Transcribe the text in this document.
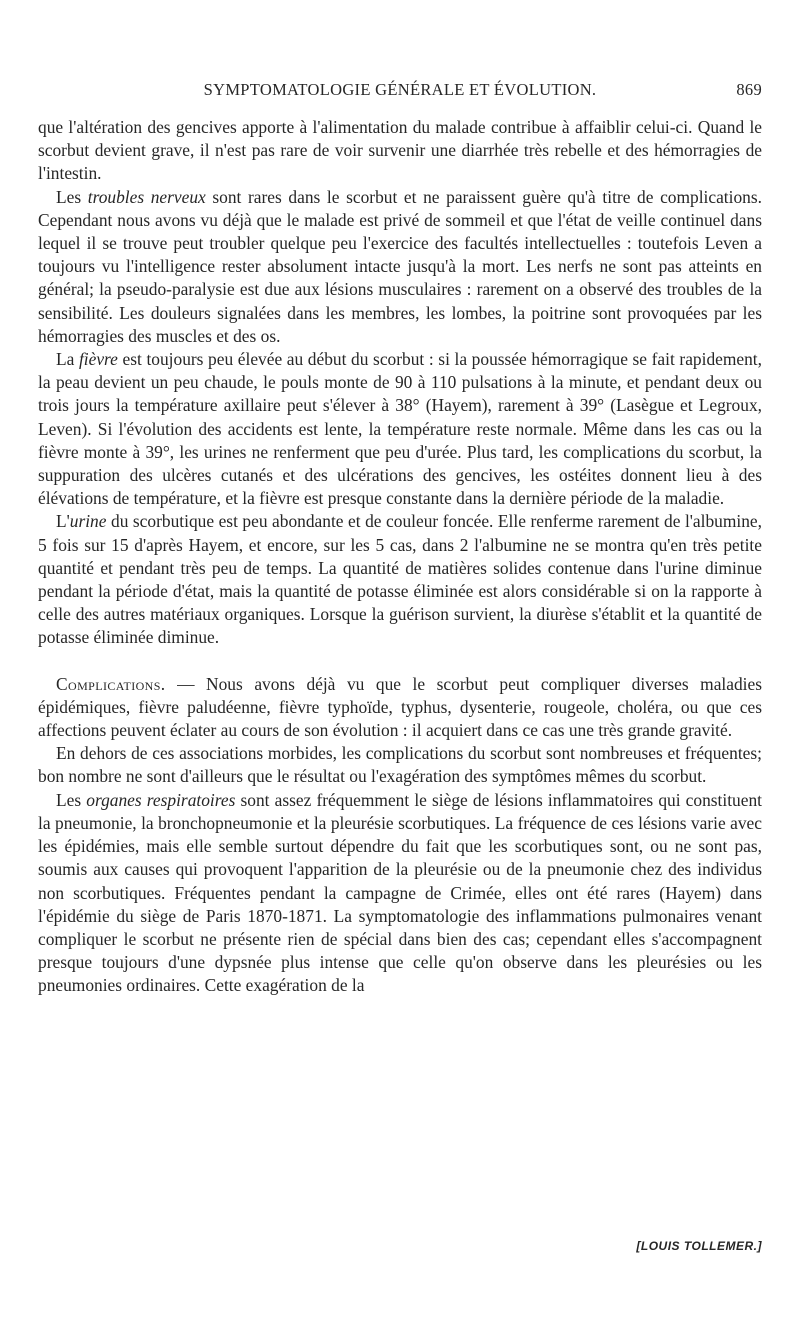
SYMPTOMATOLOGIE GÉNÉRALE ET ÉVOLUTION.	869

que l'altération des gencives apporte à l'alimentation du malade contribue à affaiblir celui-ci. Quand le scorbut devient grave, il n'est pas rare de voir survenir une diarrhée très rebelle et des hémorragies de l'intestin.

Les troubles nerveux sont rares dans le scorbut et ne paraissent guère qu'à titre de complications. Cependant nous avons vu déjà que le malade est privé de sommeil et que l'état de veille continuel dans lequel il se trouve peut troubler quelque peu l'exercice des facultés intellectuelles : toutefois Leven a toujours vu l'intelligence rester absolument intacte jusqu'à la mort. Les nerfs ne sont pas atteints en général; la pseudo-paralysie est due aux lésions musculaires : rarement on a observé des troubles de la sensibilité. Les douleurs signalées dans les membres, les lombes, la poitrine sont provoquées par les hémorragies des muscles et des os.

La fièvre est toujours peu élevée au début du scorbut : si la poussée hémorragique se fait rapidement, la peau devient un peu chaude, le pouls monte de 90 à 110 pulsations à la minute, et pendant deux ou trois jours la température axillaire peut s'élever à 38° (Hayem), rarement à 39° (Lasègue et Legroux, Leven). Si l'évolution des accidents est lente, la température reste normale. Même dans les cas ou la fièvre monte à 39°, les urines ne renferment que peu d'urée. Plus tard, les complications du scorbut, la suppuration des ulcères cutanés et des ulcérations des gencives, les ostéites donnent lieu à des élévations de température, et la fièvre est presque constante dans la dernière période de la maladie.

L'urine du scorbutique est peu abondante et de couleur foncée. Elle renferme rarement de l'albumine, 5 fois sur 15 d'après Hayem, et encore, sur les 5 cas, dans 2 l'albumine ne se montra qu'en très petite quantité et pendant très peu de temps. La quantité de matières solides contenue dans l'urine diminue pendant la période d'état, mais la quantité de potasse éliminée est alors considérable si on la rapporte à celle des autres matériaux organiques. Lorsque la guérison survient, la diurèse s'établit et la quantité de potasse éliminée diminue.

Complications. — Nous avons déjà vu que le scorbut peut compliquer diverses maladies épidémiques, fièvre paludéenne, fièvre typhoïde, typhus, dysenterie, rougeole, choléra, ou que ces affections peuvent éclater au cours de son évolution : il acquiert dans ce cas une très grande gravité.

En dehors de ces associations morbides, les complications du scorbut sont nombreuses et fréquentes; bon nombre ne sont d'ailleurs que le résultat ou l'exagération des symptômes mêmes du scorbut.

Les organes respiratoires sont assez fréquemment le siège de lésions inflammatoires qui constituent la pneumonie, la bronchopneumonie et la pleurésie scorbutiques. La fréquence de ces lésions varie avec les épidémies, mais elle semble surtout dépendre du fait que les scorbutiques sont, ou ne sont pas, soumis aux causes qui provoquent l'apparition de la pleurésie ou de la pneumonie chez des individus non scorbutiques. Fréquentes pendant la campagne de Crimée, elles ont été rares (Hayem) dans l'épidémie du siège de Paris 1870-1871. La symptomatologie des inflammations pulmonaires venant compliquer le scorbut ne présente rien de spécial dans bien des cas; cependant elles s'accompagnent presque toujours d'une dypsnée plus intense que celle qu'on observe dans les pleurésies ou les pneumonies ordinaires. Cette exagération de la

[LOUIS TOLLEMER.]
